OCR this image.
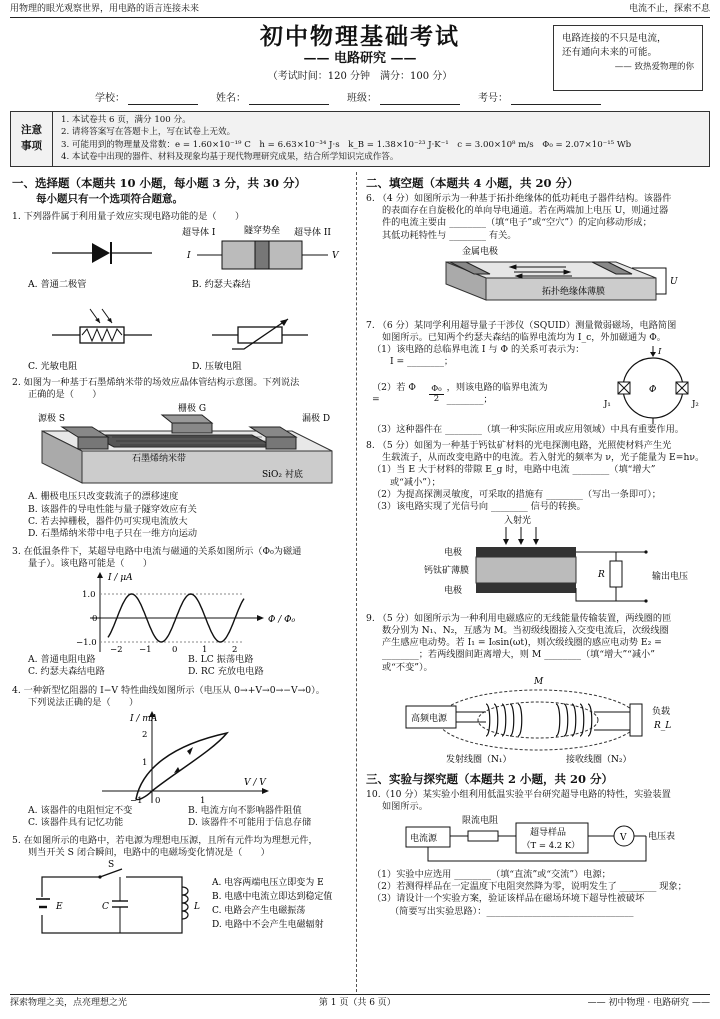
用物理的眼光观察世界，用电路的语言连接未来	电流不止，探索不息
初中物理基础考试
—— 电路研究 ——
（考试时间：120 分钟　满分：100 分）
电路连接的不只是电流，
还有通向未来的可能。
—— 致热爱物理的你
学校：	姓名：	班级：	考号：
注意
事项
1. 本试卷共 6 页，满分 100 分。
2. 请将答案写在答题卡上，写在试卷上无效。
3. 可能用到的物理量及常数：e = 1.60×10⁻¹⁹ C　h = 6.63×10⁻³⁴ J·s　k_B = 1.38×10⁻²³ J·K⁻¹　c = 3.00×10⁸ m/s　Φ₀ = 2.07×10⁻¹⁵ Wb
4. 本试卷中出现的器件、材料及现象均基于现代物理研究成果，结合所学知识完成作答。
一、选择题（本题共 10 小题，每小题 3 分，共 30 分）
每小题只有一个选项符合题意。
1. 下列器件属于利用量子效应实现电路功能的是（　　）
超导体 I	隧穿势垒 超导体 II
I	V
A. 普通二极管	B. 约瑟夫森结
C. 光敏电阻	D. 压敏电阻
2. 如图为一种基于石墨烯纳米带的场效应晶体管结构示意图。下列说法
正确的是（　　）
栅极 G
源极 S	漏极 D
石墨烯纳米带
SiO₂ 衬底
A. 栅极电压只改变载流子的漂移速度
B. 该器件的导电性能与量子隧穿效应有关
C. 若去掉栅极，器件仍可实现电流放大
D. 石墨烯纳米带中电子只在一维方向运动
3. 在低温条件下，某超导电路中电流与磁通的关系如图所示（Φ₀为磁通
量子）。该电路可能是（　　）
I / μA
Φ / Φ₀
1.0
0
−1.0
−2 −1 0	1	2
A. 普通电阻电路	B. LC 振荡电路
C. 约瑟夫森结电路	D. RC 充放电电路
4. 一种新型忆阻器的 I−V 特性曲线如图所示（电压从 0→+V→0→−V→0）。
下列说法正确的是（　　）
I / mA
V / V
2
1
−1 0	1
A. 该器件的电阻恒定不变	B. 电流方向不影响器件阻值
C. 该器件具有记忆功能	D. 该器件不可能用于信息存储
5. 在如图所示的电路中，若电源为理想电压源，且所有元件均为理想元件，
则当开关 S 闭合瞬间，电路中的电磁场变化情况是（　　）
E
S
C	L
A. 电容两端电压立即变为 E
B. 电感中电流立即达到稳定值
C. 电路会产生电磁振荡
D. 电路中不会产生电磁辐射
二、填空题（本题共 4 小题，共 20 分）
6. （4 分）如图所示为一种基于拓扑绝缘体的低功耗电子器件结构。该器件
的表面存在自旋极化的单向导电通道。若在两端加上电压 U，则通过器
件的电流主要由 ________（填“电子”或“空穴”）的定向移动形成；
其低功耗特性与 ________ 有关。
金属电极
拓扑绝缘体薄膜
U
7. （6 分）某同学利用超导量子干涉仪（SQUID）测量微弱磁场，电路简图
如图所示。已知两个约瑟夫森结的临界电流均为 I_c，外加磁通为 Φ。
（1）该电路的总临界电流 I 与 Φ 的关系可表示为：
I = ________；
（2）若 Φ =	$\frac{\text{Φ₀}}{2}$ ，则该电路的临界电流为 ________；
I
J₁	J₂
Φ
（3）这种器件在 ________（填一种实际应用或应用领域）中具有重要作用。
8. （5 分）如图为一种基于钙钛矿材料的光电探测电路，光照使材料产生光
生载流子，从而改变电路中的电流。若入射光的频率为 ν，光子能量为 E=hν。
（1）当 E 大于材料的带隙 E_g 时，电路中电流 ________（填“增大”
或“减小”）；
（2）为提高探测灵敏度，可采取的措施有 ________（写出一条即可）；
（3）该电路实现了光信号向 ________ 信号的转换。
入射光
电极
钙钛矿薄膜
电极
R	输出电压
9. （5 分）如图所示为一种利用电磁感应的无线能量传输装置，两线圈的匝
数分别为 N₁、N₂，互感为 M。当初级线圈接入交变电流后，次级线圈
产生感应电动势。若 I₁ = I₀sin(ωt)，则次级线圈的感应电动势 E₂ =
________；若两线圈间距离增大，则 M ________（填“增大”“减小”
或“不变”）。
M
高频电源
负载
R_L
发射线圈（N₁）	接收线圈（N₂）
三、实验与探究题（本题共 2 小题，共 20 分）
10.（10 分）某实验小组利用低温实验平台研究超导电路的特性，实验装置
如图所示。
电流源
限流电阻
超导样品
（T = 4.2 K）
V 电压表
（1）实验中应选用 ________（填“直流”或“交流”）电源；
（2）若测得样品在一定温度下电阻突然降为零，说明发生了 ________ 现象；
（3）请设计一个实验方案，验证该样品在磁场环境下超导性被破坏
（简要写出实验思路）：________________________________
探索物理之美，点亮理想之光	第 1 页（共 6 页）	—— 初中物理 · 电路研究 ——
